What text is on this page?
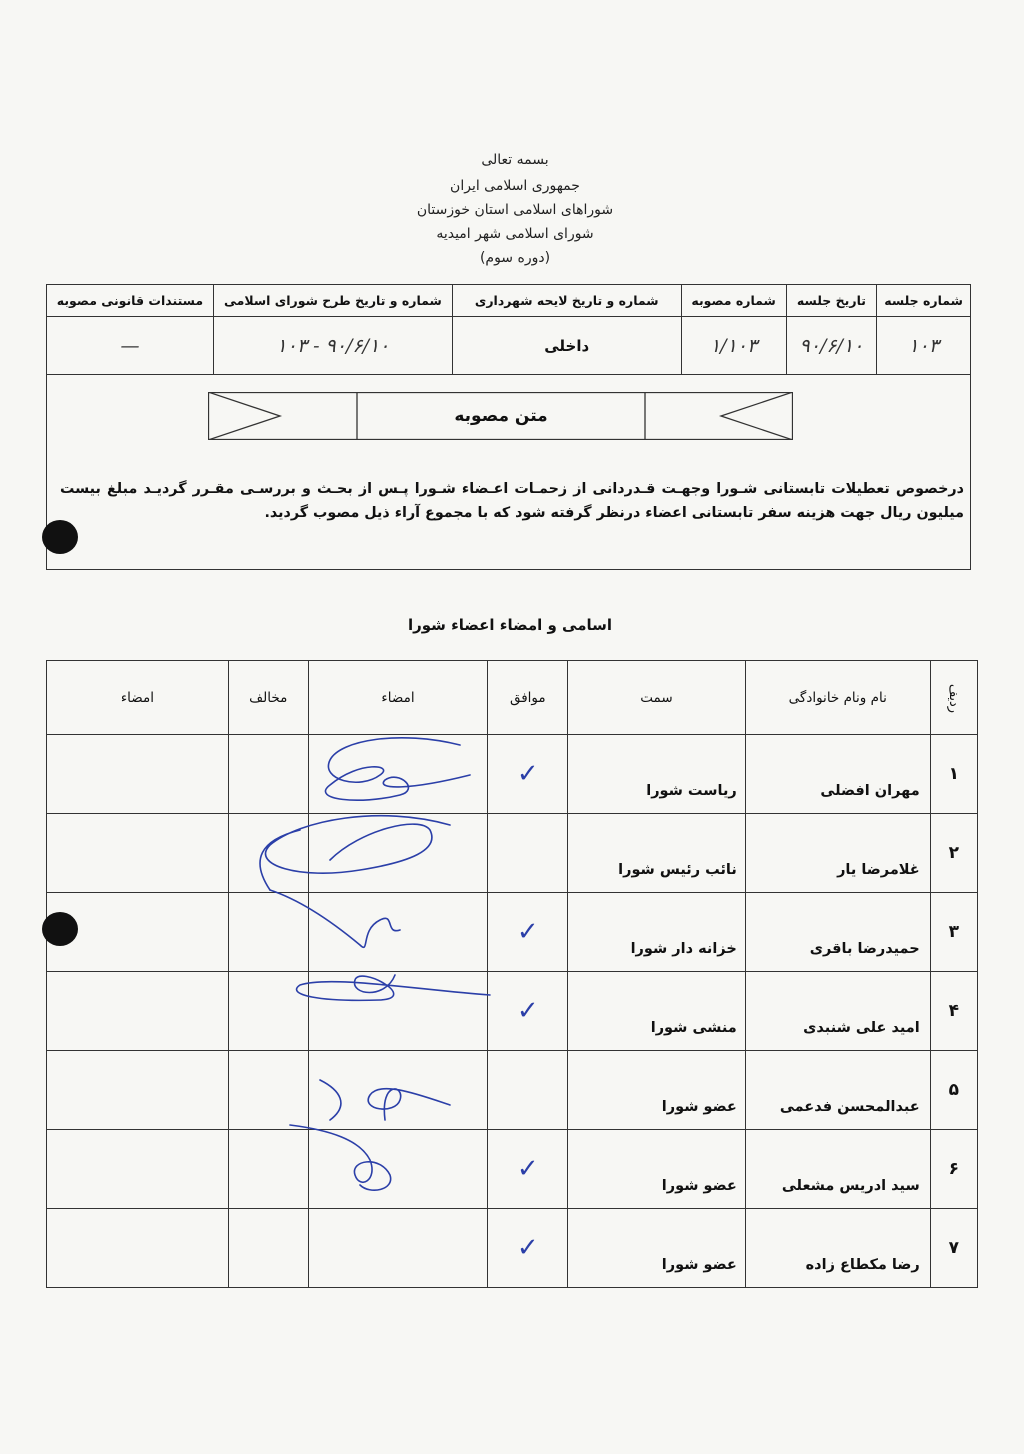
بسمه تعالی
جمهوری اسلامی ایران
شوراهای اسلامی استان خوزستان
شورای اسلامی شهر امیدیه
(دوره سوم)
شماره جلسه	تاریخ جلسه	شماره مصوبه	شماره و تاریخ لایحه شهرداری	شماره و تاریخ طرح شورای اسلامی	مستندات قانونی مصوبه
۱۰۳	۹۰/۶/۱۰	۱/۱۰۳	داخلی	۹۰/۶/۱۰ - ۱۰۳	—
متن مصوبه
درخصوص تعطیلات تابستانی شـورا وجهـت قـدردانی از زحمـات اعـضاء شـورا پـس از بحـث و بررسـی مقـرر گرديـد مبلغ بیست میلیون ریال جهت هزینه سفر تابستانی اعضاء درنظر گرفته شود که با مجموع آراء ذیل مصوب گردید.
اسامی و امضاء اعضاء شورا
ردیف	نام ونام خانوادگی	سمت	موافق	امضاء	مخالف	امضاء
۱	مهران افضلی	ریاست شورا	✓			
۲	غلامرضا یار	نائب رئیس شورا				
۳	حمیدرضا باقری	خزانه دار شورا	✓			
۴	امید علی شنبدی	منشی شورا	✓			
۵	عبدالمحسن فدعمی	عضو شورا				
۶	سید ادریس مشعلی	عضو شورا	✓			
۷	رضا مکطاع زاده	عضو شورا	✓			
